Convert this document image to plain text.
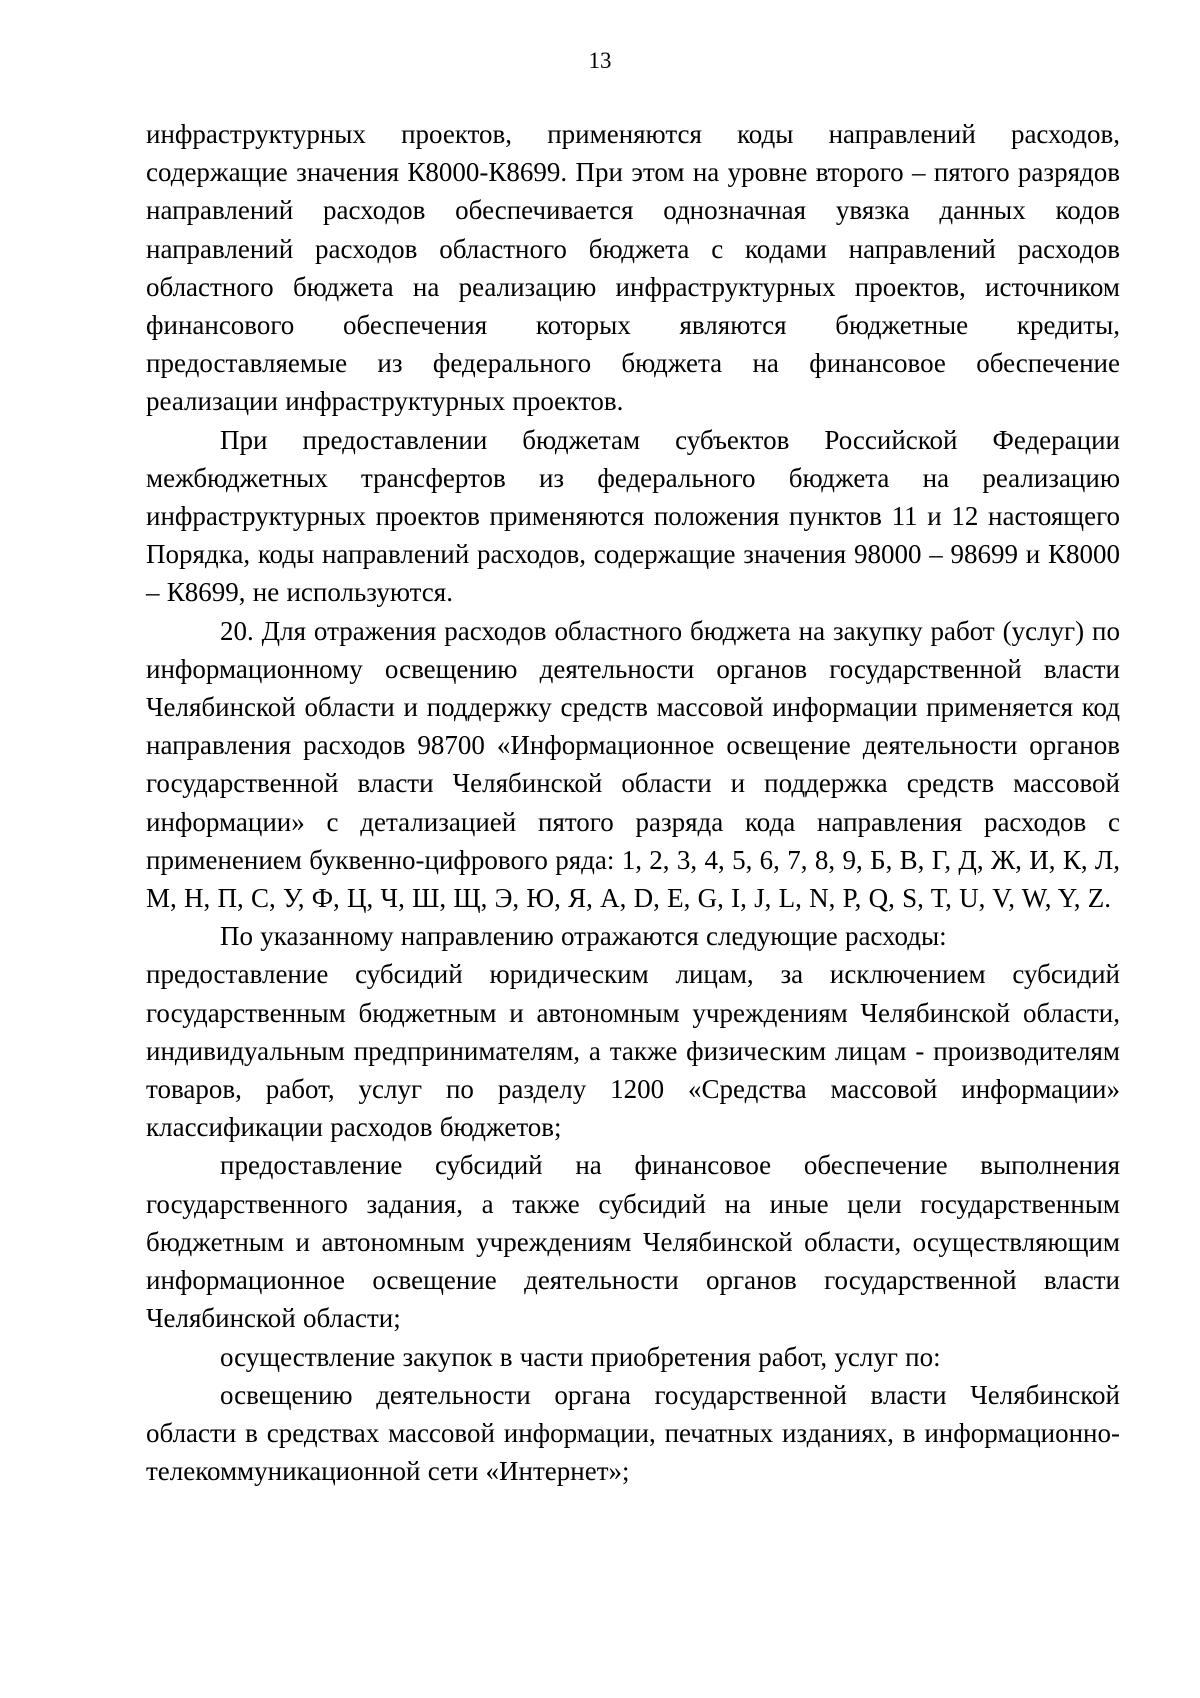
13

инфраструктурных проектов, применяются коды направлений расходов, содержащие значения К8000-К8699. При этом на уровне второго – пятого разрядов направлений расходов обеспечивается однозначная увязка данных кодов направлений расходов областного бюджета с кодами направлений расходов областного бюджета на реализацию инфраструктурных проектов, источником финансового обеспечения которых являются бюджетные кредиты, предоставляемые из федерального бюджета на финансовое обеспечение реализации инфраструктурных проектов.

При предоставлении бюджетам субъектов Российской Федерации межбюджетных трансфертов из федерального бюджета на реализацию инфраструктурных проектов применяются положения пунктов 11 и 12 настоящего Порядка, коды направлений расходов, содержащие значения 98000 – 98699 и К8000 – К8699, не используются.

20. Для отражения расходов областного бюджета на закупку работ (услуг) по информационному освещению деятельности органов государственной власти Челябинской области и поддержку средств массовой информации применяется код направления расходов 98700 «Информационное освещение деятельности органов государственной власти Челябинской области и поддержка средств массовой информации» с детализацией пятого разряда кода направления расходов с применением буквенно-цифрового ряда: 1, 2, 3, 4, 5, 6, 7, 8, 9, Б, В, Г, Д, Ж, И, К, Л, М, Н, П, С, У, Ф, Ц, Ч, Ш, Щ, Э, Ю, Я, A, D, E, G, I, J, L, N, P, Q, S, T, U, V, W, Y, Z.

По указанному направлению отражаются следующие расходы:

предоставление субсидий юридическим лицам, за исключением субсидий государственным бюджетным и автономным учреждениям Челябинской области, индивидуальным предпринимателям, а также физическим лицам - производителям товаров, работ, услуг по разделу 1200 «Средства массовой информации» классификации расходов бюджетов;

предоставление субсидий на финансовое обеспечение выполнения государственного задания, а также субсидий на иные цели государственным бюджетным и автономным учреждениям Челябинской области, осуществляющим информационное освещение деятельности органов государственной власти Челябинской области;

осуществление закупок в части приобретения работ, услуг по:

освещению деятельности органа государственной власти Челябинской области в средствах массовой информации, печатных изданиях, в информационно-телекоммуникационной сети «Интернет»;
